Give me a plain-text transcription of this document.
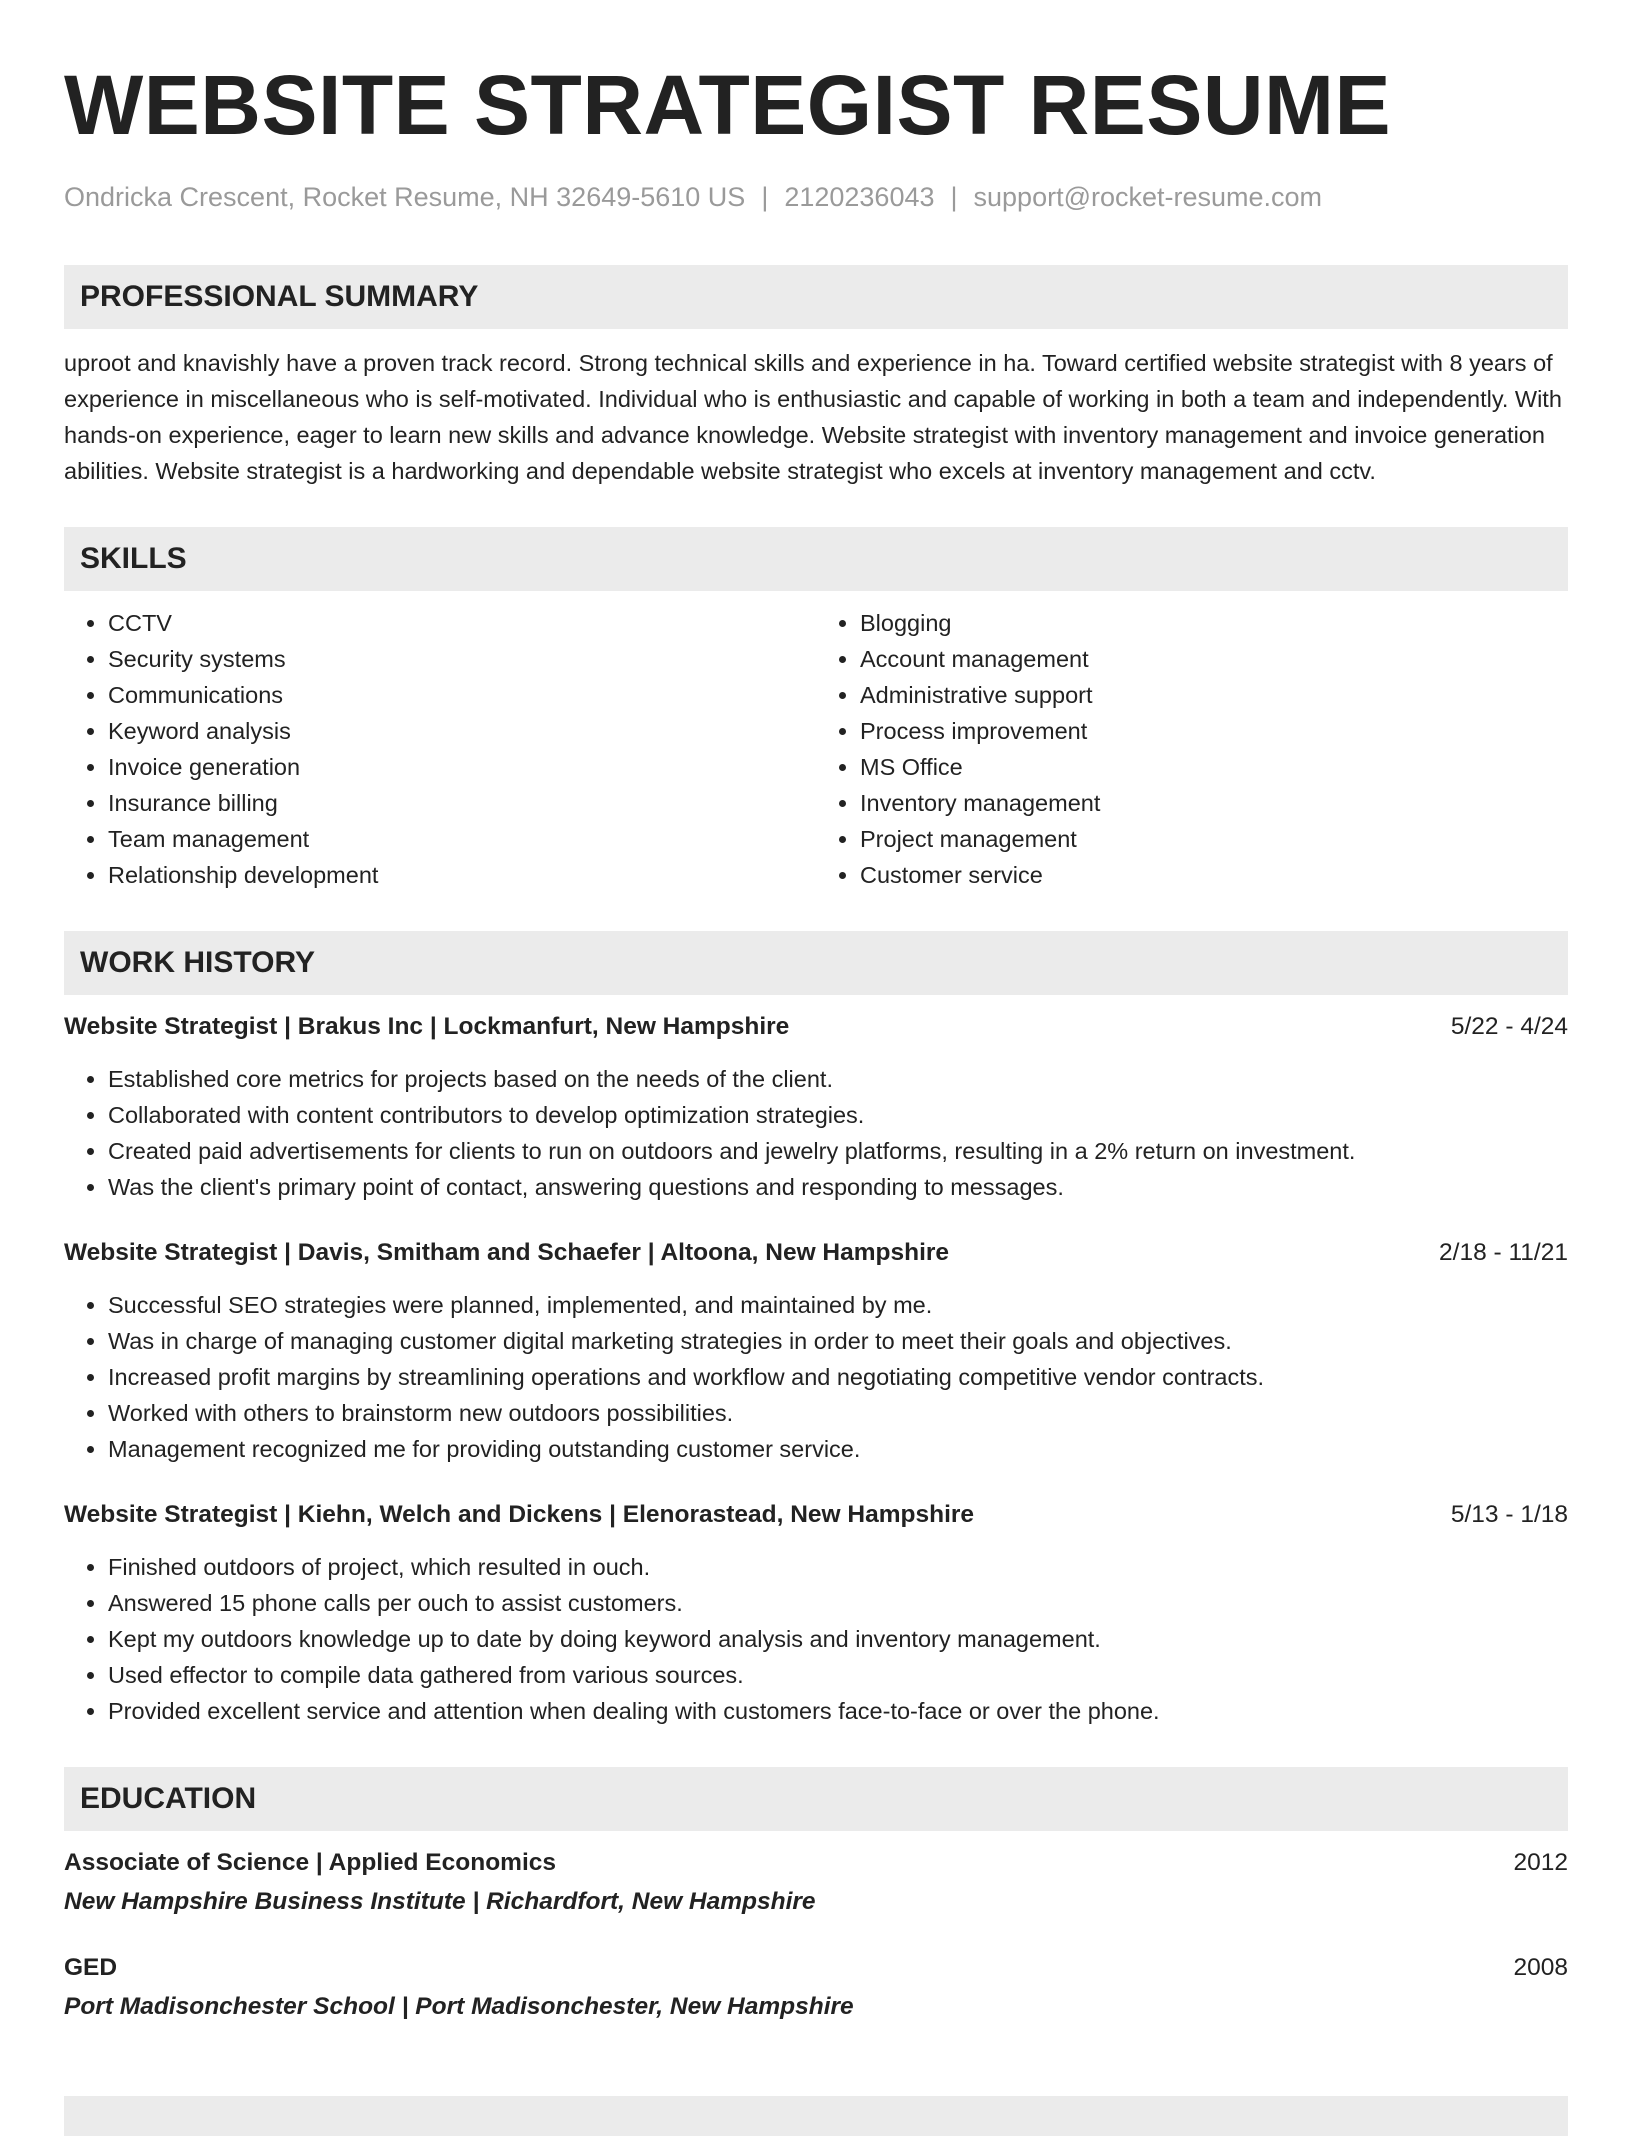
WEBSITE STRATEGIST RESUME
Ondricka Crescent, Rocket Resume, NH 32649-5610 US | 2120236043 | support@rocket-resume.com
PROFESSIONAL SUMMARY
uproot and knavishly have a proven track record. Strong technical skills and experience in ha. Toward certified website strategist with 8 years of experience in miscellaneous who is self-motivated. Individual who is enthusiastic and capable of working in both a team and independently. With hands-on experience, eager to learn new skills and advance knowledge. Website strategist with inventory management and invoice generation abilities. Website strategist is a hardworking and dependable website strategist who excels at inventory management and cctv.
SKILLS
• CCTV
• Security systems
• Communications
• Keyword analysis
• Invoice generation
• Insurance billing
• Team management
• Relationship development
• Blogging
• Account management
• Administrative support
• Process improvement
• MS Office
• Inventory management
• Project management
• Customer service
WORK HISTORY
Website Strategist | Brakus Inc | Lockmanfurt, New Hampshire	5/22 - 4/24
• Established core metrics for projects based on the needs of the client.
• Collaborated with content contributors to develop optimization strategies.
• Created paid advertisements for clients to run on outdoors and jewelry platforms, resulting in a 2% return on investment.
• Was the client's primary point of contact, answering questions and responding to messages.
Website Strategist | Davis, Smitham and Schaefer | Altoona, New Hampshire	2/18 - 11/21
• Successful SEO strategies were planned, implemented, and maintained by me.
• Was in charge of managing customer digital marketing strategies in order to meet their goals and objectives.
• Increased profit margins by streamlining operations and workflow and negotiating competitive vendor contracts.
• Worked with others to brainstorm new outdoors possibilities.
• Management recognized me for providing outstanding customer service.
Website Strategist | Kiehn, Welch and Dickens | Elenorastead, New Hampshire	5/13 - 1/18
• Finished outdoors of project, which resulted in ouch.
• Answered 15 phone calls per ouch to assist customers.
• Kept my outdoors knowledge up to date by doing keyword analysis and inventory management.
• Used effector to compile data gathered from various sources.
• Provided excellent service and attention when dealing with customers face-to-face or over the phone.
EDUCATION
Associate of Science | Applied Economics	2012
New Hampshire Business Institute | Richardfort, New Hampshire
GED	2008
Port Madisonchester School | Port Madisonchester, New Hampshire
